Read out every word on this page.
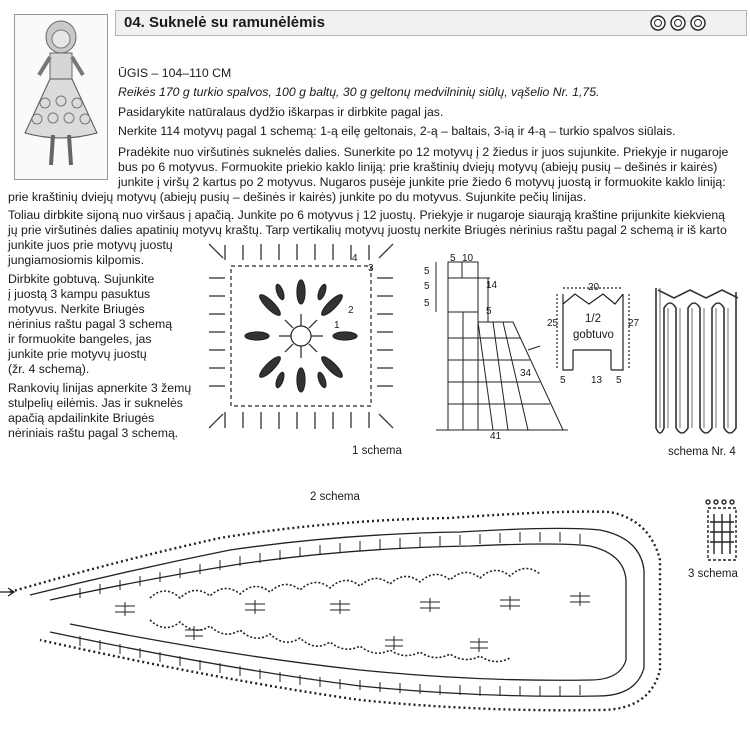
04. Suknelė su ramunėlėmis
ŪGIS – 104–110 CM
Reikės 170 g turkio spalvos, 100 g baltų, 30 g geltonų medvilninių siūlų, vąšelio Nr. 1,75.
Pasidarykite natūralaus dydžio iškarpas ir dirbkite pagal jas.
Nerkite 114 motyvų pagal 1 schemą: 1-ą eilę geltonais, 2-ą – baltais, 3-ią ir 4-ą – turkio spalvos siūlais.
Pradėkite nuo viršutinės suknelės dalies. Sunerkite po 12 motyvų į 2 žiedus ir juos sujunkite. Priekyje ir nugaroje
bus po 6 motyvus. Formuokite priekio kaklo liniją: prie kraštinių dviejų motyvų (abiejų pusių – dešinės ir kairės)
junkite į viršų 2 kartus po 2 motyvus. Nugaros pusėje junkite prie žiedo 6 motyvų juostą ir formuokite kaklo liniją:
prie kraštinių dviejų motyvų (abiejų pusių – dešinės ir kairės) junkite po du motyvus. Sujunkite pečių linijas.
Toliau dirbkite sijoną nuo viršaus į apačią. Junkite po 6 motyvus į 12 juostų. Priekyje ir nugaroje siaurąją kraštine prijunkite kiekvieną
jų prie viršutinės dalies apatinių motyvų kraštų. Tarp vertikalių motyvų juostų nerkite Briugės nėrinius raštu pagal 2 schemą ir iš karto
junkite juos prie motyvų juostų
jungiamosiomis kilpomis.
Dirbkite gobtuvą. Sujunkite
į juostą 3 kampu pasuktus
motyvus. Nerkite Briugės
nėrinius raštu pagal 3 schemą
ir formuokite bangeles, jas
junkite prie motyvų juostų
(žr. 4 schemą).
Rankovių linijas apnerkite 3 žemų
stulpelių eilėmis. Jas ir suknelės
apačią apdailinkite Briugės
nėriniais raštu pagal 3 schemą.
4
3
2
1
1 schema
5 10
5
5
5
14
5
34
41
20
25	27
5	13 5
1/2
gobtuvo
schema Nr. 4
2 schema
3 schema
